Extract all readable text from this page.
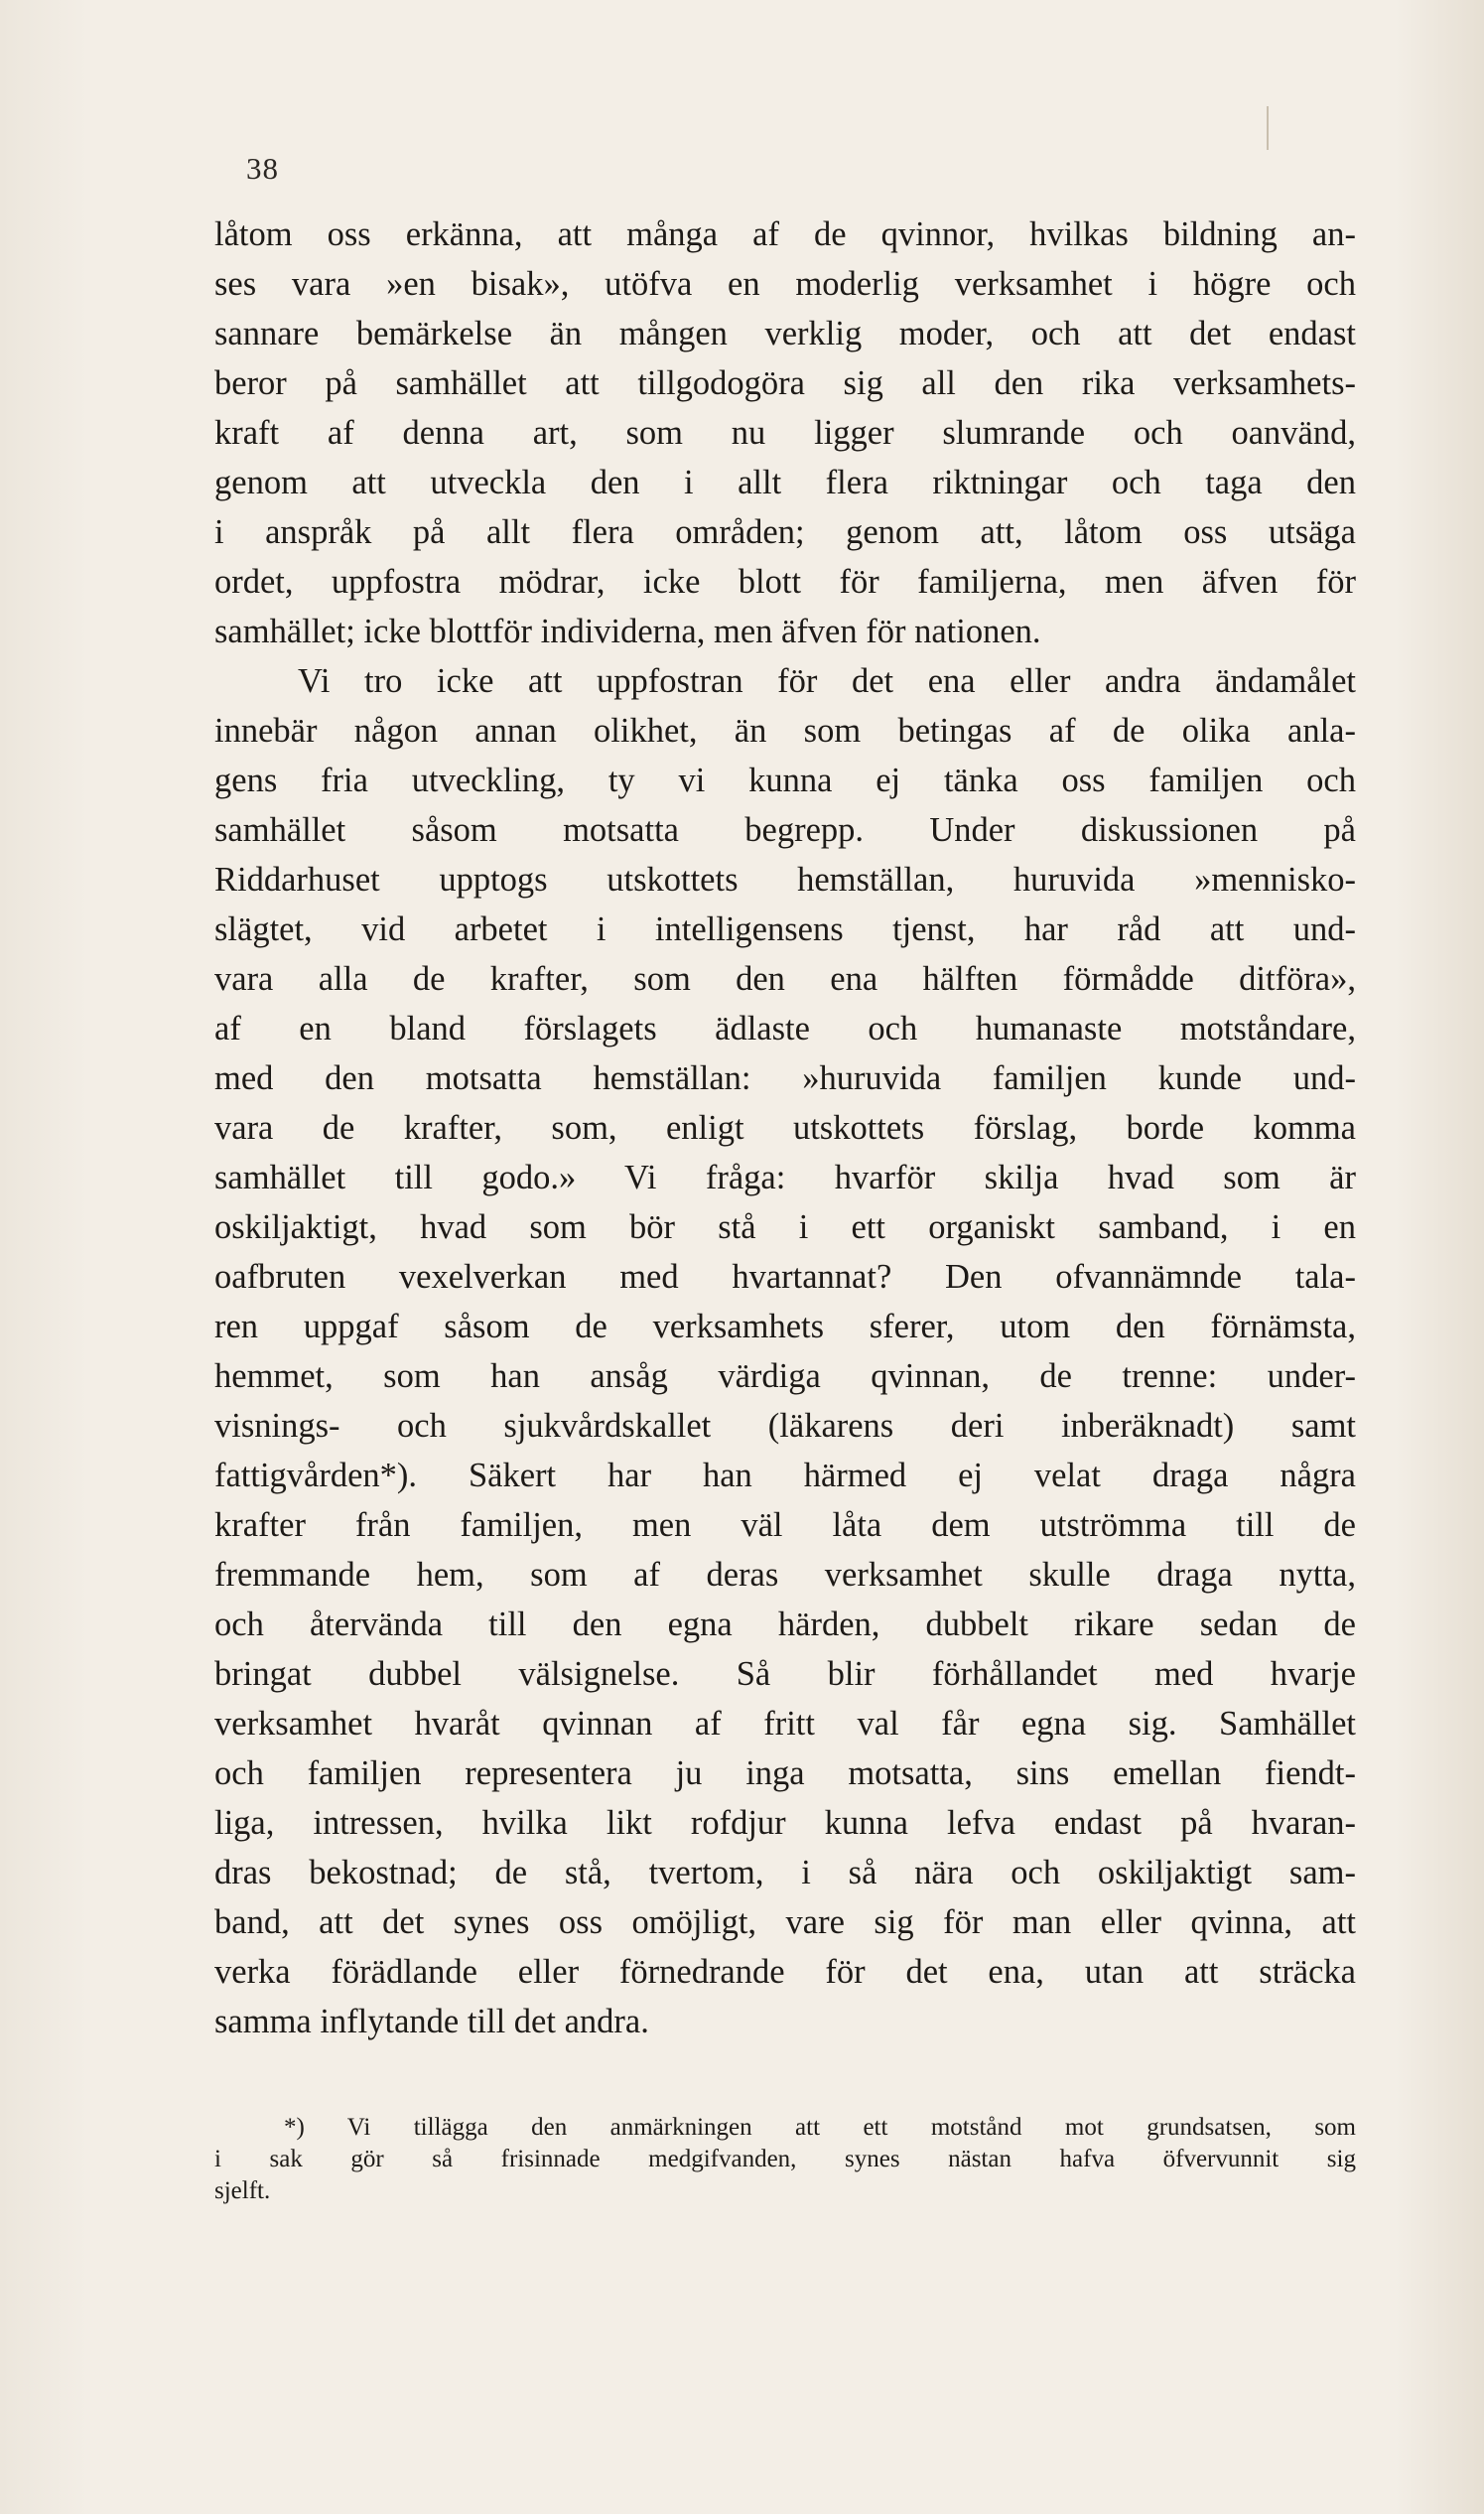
38
låtom oss erkänna, att många af de qvinnor, hvilkas bildning an-
ses vara »en bisak», utöfva en moderlig verksamhet i högre och
sannare bemärkelse än mången verklig moder, och att det endast
beror på samhället att tillgodogöra sig all den rika verksamhets-
kraft af denna art, som nu ligger slumrande och oanvänd,
genom att utveckla den i allt flera riktningar och taga den
i anspråk på allt flera områden; genom att, låtom oss utsäga
ordet, uppfostra mödrar, icke blott för familjerna, men äfven för
samhället; icke blottför individerna, men äfven för nationen.
Vi tro icke att uppfostran för det ena eller andra ändamålet
innebär någon annan olikhet, än som betingas af de olika anla-
gens fria utveckling, ty vi kunna ej tänka oss familjen och
samhället såsom motsatta begrepp. Under diskussionen på
Riddarhuset upptogs utskottets hemställan, huruvida »mennisko-
slägtet, vid arbetet i intelligensens tjenst, har råd att und-
vara alla de krafter, som den ena hälften förmådde ditföra»,
af en bland förslagets ädlaste och humanaste motståndare,
med den motsatta hemställan: »huruvida familjen kunde und-
vara de krafter, som, enligt utskottets förslag, borde komma
samhället till godo.» Vi fråga: hvarför skilja hvad som är
oskiljaktigt, hvad som bör stå i ett organiskt samband, i en
oafbruten vexelverkan med hvartannat? Den ofvannämnde tala-
ren uppgaf såsom de verksamhets sferer, utom den förnämsta,
hemmet, som han ansåg värdiga qvinnan, de trenne: under-
visnings- och sjukvårdskallet (läkarens deri inberäknadt) samt
fattigvården*). Säkert har han härmed ej velat draga några
krafter från familjen, men väl låta dem utströmma till de
fremmande hem, som af deras verksamhet skulle draga nytta,
och återvända till den egna härden, dubbelt rikare sedan de
bringat dubbel välsignelse. Så blir förhållandet med hvarje
verksamhet hvaråt qvinnan af fritt val får egna sig. Samhället
och familjen representera ju inga motsatta, sins emellan fiendt-
liga, intressen, hvilka likt rofdjur kunna lefva endast på hvaran-
dras bekostnad; de stå, tvertom, i så nära och oskiljaktigt sam-
band, att det synes oss omöjligt, vare sig för man eller qvinna, att
verka förädlande eller förnedrande för det ena, utan att sträcka
samma inflytande till det andra.
*) Vi tillägga den anmärkningen att ett motstånd mot grundsatsen, som
i sak gör så frisinnade medgifvanden, synes nästan hafva öfvervunnit sig
sjelft.
